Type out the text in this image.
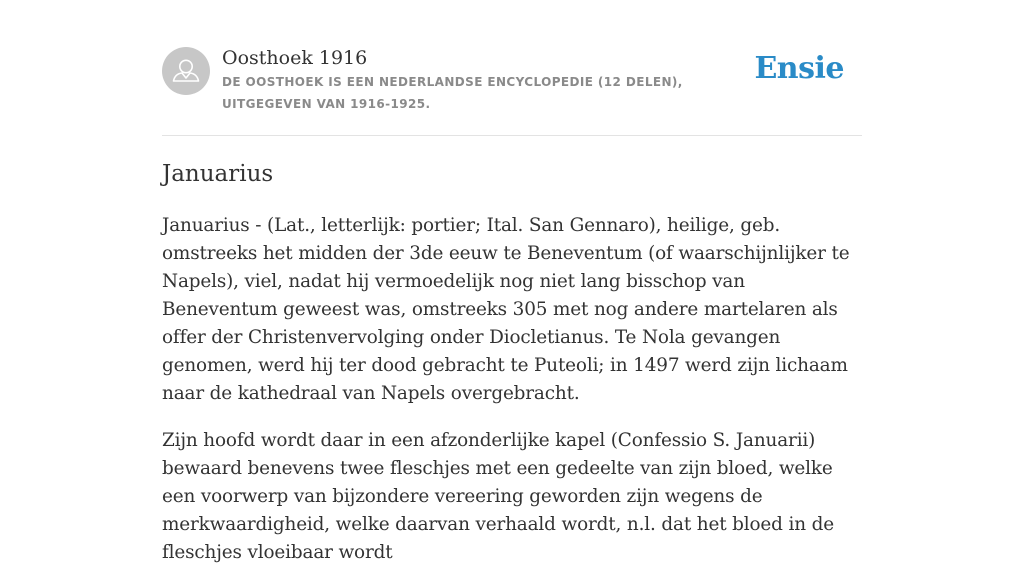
Oosthoek 1916
DE OOSTHOEK IS EEN NEDERLANDSE ENCYCLOPEDIE (12 DELEN), UITGEGEVEN VAN 1916-1925.
Ensie
Januarius

Januarius - (Lat., letterlijk: portier; Ital. San Gennaro), heilige, geb. omstreeks het midden der 3de eeuw te Beneventum (of waarschijnlijker te Napels), viel, nadat hij vermoedelijk nog niet lang bisschop van Beneventum geweest was, omstreeks 305 met nog andere martelaren als offer der Christenvervolging onder Diocletianus. Te Nola gevangen genomen, werd hij ter dood gebracht te Puteoli; in 1497 werd zijn lichaam naar de kathedraal van Napels overgebracht.

Zijn hoofd wordt daar in een afzonderlijke kapel (Confessio S. Januarii) bewaard benevens twee fleschjes met een gedeelte van zijn bloed, welke een voorwerp van bijzondere vereering geworden zijn wegens de merkwaardigheid, welke daarvan verhaald wordt, n.l. dat het bloed in de fleschjes vloeibaar wordt
